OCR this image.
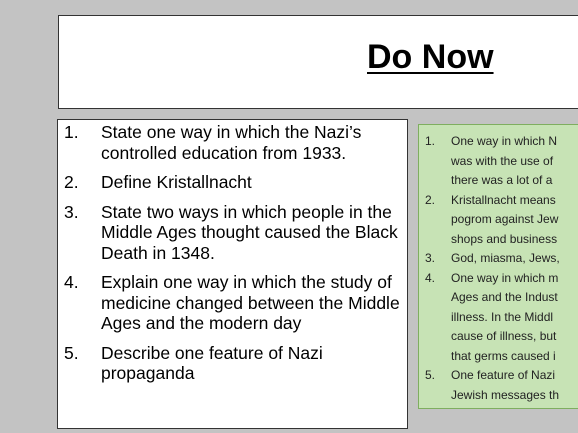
Do Now
1.	State one way in which the Nazi’s controlled education from 1933.
2.	Define Kristallnacht
3.	State two ways in which people in the Middle Ages thought caused the Black Death in 1348.
4.	Explain one way in which the study of medicine changed between the Middle Ages and the modern day
5.	Describe one feature of Nazi propaganda
1.	One way in which N
was with the use of
there was a lot of a
2.	Kristallnacht means
pogrom against Jew
shops and business
3.	God, miasma, Jews,
4.	One way in which m
Ages and the Indust
illness. In the Middl
cause of illness, but
that germs caused i
5.	One feature of Nazi
Jewish messages th
